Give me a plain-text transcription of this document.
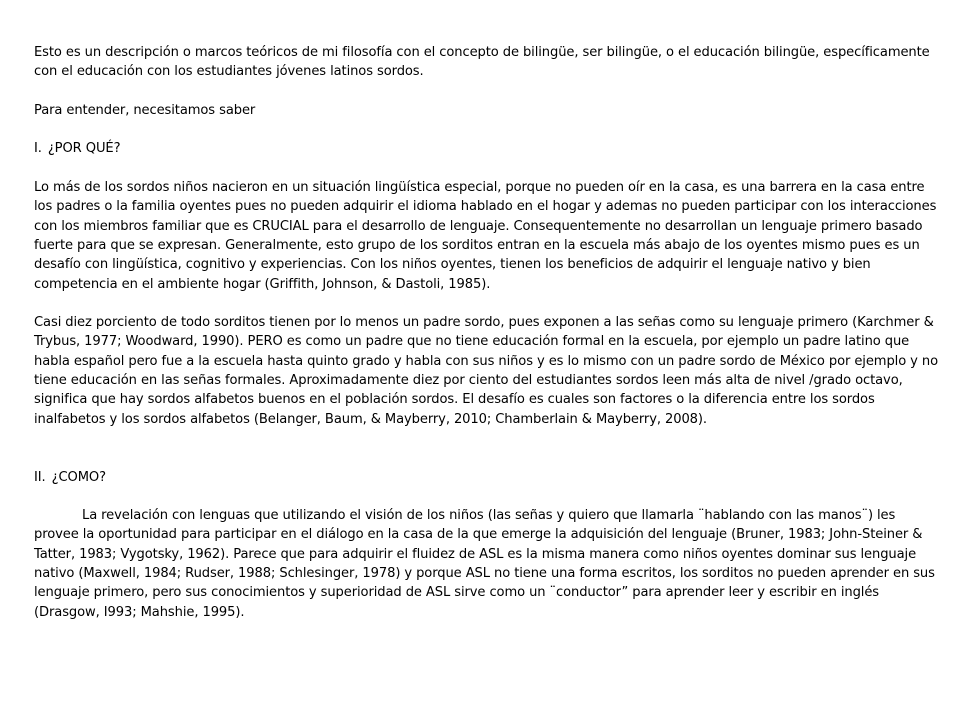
Esto es un descripción o marcos teóricos de mi filosofía con el concepto de bilingüe, ser bilingüe, o el educación bilingüe, específicamente con el educación con los estudiantes jóvenes latinos sordos.

Para entender, necesitamos saber

I. ¿POR QUÉ?

Lo más de los sordos niños nacieron en un situación lingüística especial, porque no pueden oír en la casa, es una barrera en la casa entre los padres o la familia oyentes pues no pueden adquirir el idioma hablado en el hogar y ademas no pueden participar con los interacciones con los miembros familiar que es CRUCIAL para el desarrollo de lenguaje. Consequentemente no desarrollan un lenguaje primero basado fuerte para que se expresan. Generalmente, esto grupo de los sorditos entran en la escuela más abajo de los oyentes mismo pues es un desafío con lingüística, cognitivo y experiencias. Con los niños oyentes, tienen los beneficios de adquirir el lenguaje nativo y bien competencia en el ambiente hogar (Griffith, Johnson, & Dastoli, 1985).

Casi diez porciento de todo sorditos tienen por lo menos un padre sordo, pues exponen a las señas como su lenguaje primero (Karchmer & Trybus, 1977; Woodward, 1990). PERO es como un padre que no tiene educación formal en la escuela, por ejemplo un padre latino que habla español pero fue a la escuela hasta quinto grado y habla con sus niños y es lo mismo con un padre sordo de México por ejemplo y no tiene educación en las señas formales. Aproximadamente diez por ciento del estudiantes sordos leen más alta de nivel /grado octavo, significa que hay sordos alfabetos buenos en el población sordos. El desafío es cuales son factores o la diferencia entre los sordos inalfabetos y los sordos alfabetos (Belanger, Baum, & Mayberry, 2010; Chamberlain & Mayberry, 2008).

II. ¿COMO?

La revelación con lenguas que utilizando el visión de los niños (las señas y quiero que llamarla ¨hablando con las manos¨) les provee la oportunidad para participar en el diálogo en la casa de la que emerge la adquisición del lenguaje (Bruner, 1983; John-Steiner & Tatter, 1983; Vygotsky, 1962). Parece que para adquirir el fluidez de ASL es la misma manera como niños oyentes dominar sus lenguaje nativo (Maxwell, 1984; Rudser, 1988; Schlesinger, 1978) y porque ASL no tiene una forma escritos, los sorditos no pueden aprender en sus lenguaje primero, pero sus conocimientos y superioridad de ASL sirve como un ¨conductor” para aprender leer y escribir en inglés (Drasgow, I993; Mahshie, 1995).
